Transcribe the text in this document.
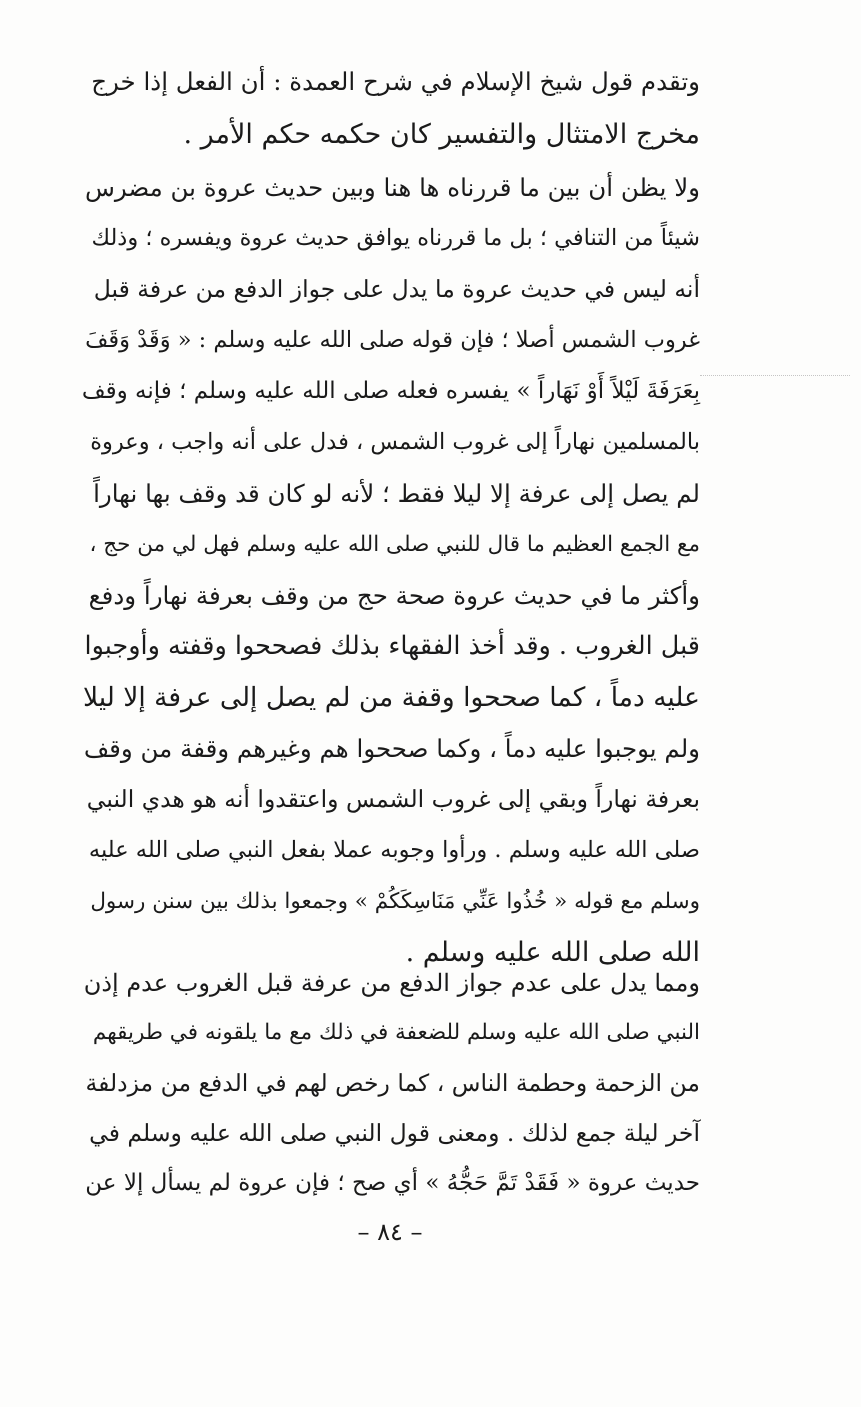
وتقدم قول شيخ الإسلام في شرح العمدة : أن الفعل إذا خرج
مخرج الامتثال والتفسير كان حكمه حكم الأمر .
ولا يظن أن بين ما قررناه ها هنا وبين حديث عروة بن مضرس
شيئاً من التنافي ؛ بل ما قررناه يوافق حديث عروة ويفسره ؛ وذلك
أنه ليس في حديث عروة ما يدل على جواز الدفع من عرفة قبل
غروب الشمس أصلا ؛ فإن قوله صلى الله عليه وسلم : « وَقَدْ وَقَفَ
بِعَرَفَةَ لَيْلاً أَوْ نَهَاراً » يفسره فعله صلى الله عليه وسلم ؛ فإنه وقف
بالمسلمين نهاراً إلى غروب الشمس ، فدل على أنه واجب ، وعروة
لم يصل إلى عرفة إلا ليلا فقط ؛ لأنه لو كان قد وقف بها نهاراً
مع الجمع العظيم ما قال للنبي صلى الله عليه وسلم فهل لي من حج ،
وأكثر ما في حديث عروة صحة حج من وقف بعرفة نهاراً ودفع
قبل الغروب . وقد أخذ الفقهاء بذلك فصححوا وقفته وأوجبوا
عليه دماً ، كما صححوا وقفة من لم يصل إلى عرفة إلا ليلا
ولم يوجبوا عليه دماً ، وكما صححوا هم وغيرهم وقفة من وقف
بعرفة نهاراً وبقي إلى غروب الشمس واعتقدوا أنه هو هدي النبي
صلى الله عليه وسلم . ورأوا وجوبه عملا بفعل النبي صلى الله عليه
وسلم مع قوله « خُذُوا عَنِّي مَنَاسِكَكُمْ » وجمعوا بذلك بين سنن رسول
الله صلى الله عليه وسلم .
ومما يدل على عدم جواز الدفع من عرفة قبل الغروب عدم إذن
النبي صلى الله عليه وسلم للضعفة في ذلك مع ما يلقونه في طريقهم
من الزحمة وحطمة الناس ، كما رخص لهم في الدفع من مزدلفة
آخر ليلة جمع لذلك . ومعنى قول النبي صلى الله عليه وسلم في
حديث عروة « فَقَدْ تَمَّ حَجُّهُ » أي صح ؛ فإن عروة لم يسأل إلا عن
– ٨٤ –
